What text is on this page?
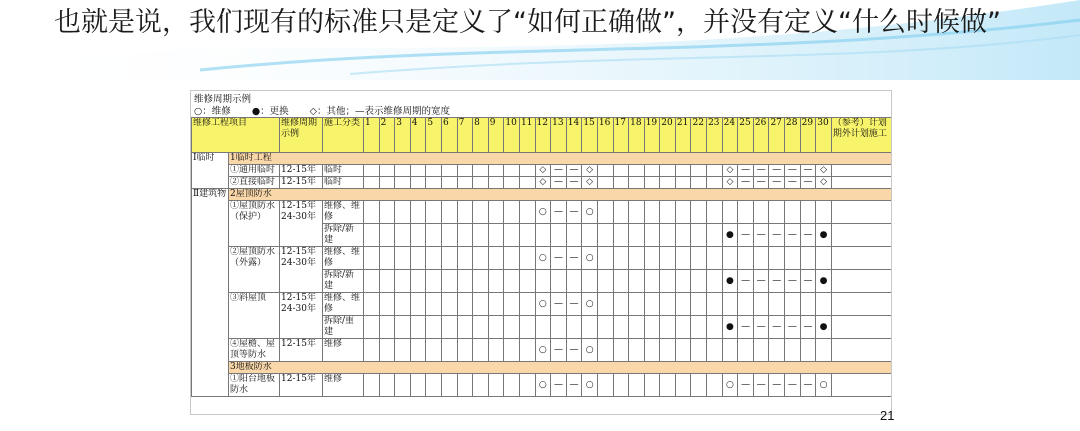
也就是说，我们现有的标准只是定义了“如何正确做”，并没有定义“什么时候做”
维修周期示例
○：维修 ●：更换 ◇：其他；—表示维修周期的宽度
维修工程项目		维修周期示例	施工分类	1	2	3	4	5	6	7	8	9	10	11	12	13	14	15	16	17	18	19	20	21	22	23	24	25	26	27	28	29	30	（参考）计划期外计划施工
Ⅰ临时	1临时工程																																	
	①通用临时	12-15年	临时												◇	—	—	◇									◇	—	—	—	—	—	◇	
	②直接临时	12-15年	临时												◇	—	—	◇									◇	—	—	—	—	—	◇	
Ⅱ建筑物	2屋顶防水																																	
	①屋顶防水（保护）	12-15年 24-30年	维修、维修												○	—	—	○																
			拆除/新建																								●	—	—	—	—	—	●	
	②屋顶防水（外露）	12-15年 24-30年	维修、维修												○	—	—	○																
			拆除/新建																								●	—	—	—	—	—	●	
	③斜屋顶	12-15年 24-30年	维修、维修												○	—	—	○																
			拆除/重建																								●	—	—	—	—	—	●	
	④屋檐、屋顶等防水	12-15年	维修												○	—	—	○																
	3地板防水																																	
	①阳台地板防水	12-15年	维修												○	—	—	○									○	—	—	—	—	—	○	
21
